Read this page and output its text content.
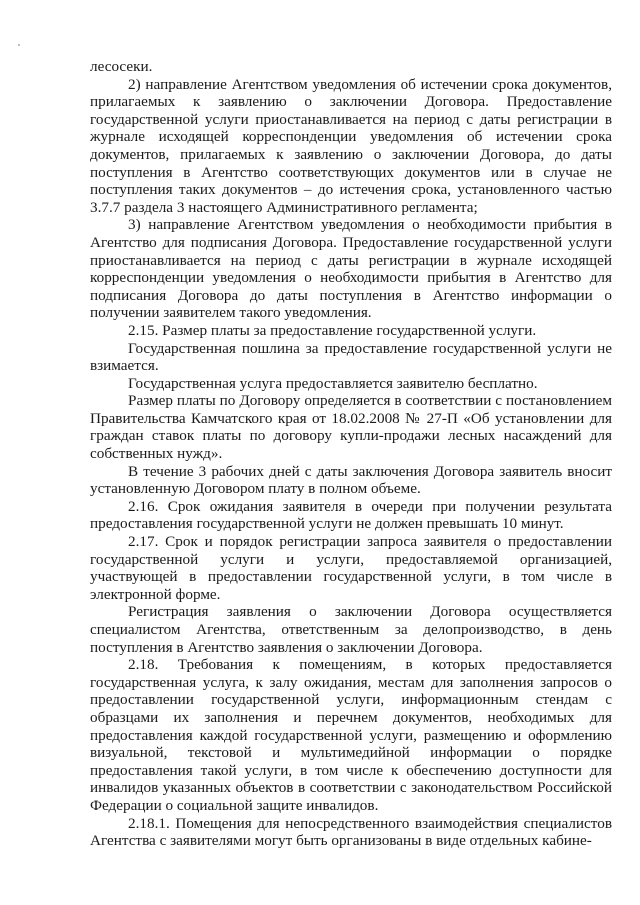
лесосеки.

2) направление Агентством уведомления об истечении срока документов, прилагаемых к заявлению о заключении Договора. Предоставление государственной услуги приостанавливается на период с даты регистрации в журнале исходящей корреспонденции уведомления об истечении срока документов, прилагаемых к заявлению о заключении Договора, до даты поступления в Агентство соответствующих документов или в случае не поступления таких документов – до истечения срока, установленного частью 3.7.7 раздела 3 настоящего Административного регламента;

3) направление Агентством уведомления о необходимости прибытия в Агентство для подписания Договора. Предоставление государственной услуги приостанавливается на период с даты регистрации в журнале исходящей корреспонденции уведомления о необходимости прибытия в Агентство для подписания Договора до даты поступления в Агентство информации о получении заявителем такого уведомления.

2.15. Размер платы за предоставление государственной услуги.

Государственная пошлина за предоставление государственной услуги не взимается.

Государственная услуга предоставляется заявителю бесплатно.

Размер платы по Договору определяется в соответствии с постановлением Правительства Камчатского края от 18.02.2008 № 27-П «Об установлении для граждан ставок платы по договору купли-продажи лесных насаждений для собственных нужд».

В течение 3 рабочих дней с даты заключения Договора заявитель вносит установленную Договором плату в полном объеме.

2.16. Срок ожидания заявителя в очереди при получении результата предоставления государственной услуги не должен превышать 10 минут.

2.17. Срок и порядок регистрации запроса заявителя о предоставлении государственной услуги и услуги, предоставляемой организацией, участвующей в предоставлении государственной услуги, в том числе в электронной форме.

Регистрация заявления о заключении Договора осуществляется специалистом Агентства, ответственным за делопроизводство, в день поступления в Агентство заявления о заключении Договора.

2.18. Требования к помещениям, в которых предоставляется государственная услуга, к залу ожидания, местам для заполнения запросов о предоставлении государственной услуги, информационным стендам с образцами их заполнения и перечнем документов, необходимых для предоставления каждой государственной услуги, размещению и оформлению визуальной, текстовой и мультимедийной информации о порядке предоставления такой услуги, в том числе к обеспечению доступности для инвалидов указанных объектов в соответствии с законодательством Российской Федерации о социальной защите инвалидов.

2.18.1. Помещения для непосредственного взаимодействия специалистов Агентства с заявителями могут быть организованы в виде отдельных кабине-
